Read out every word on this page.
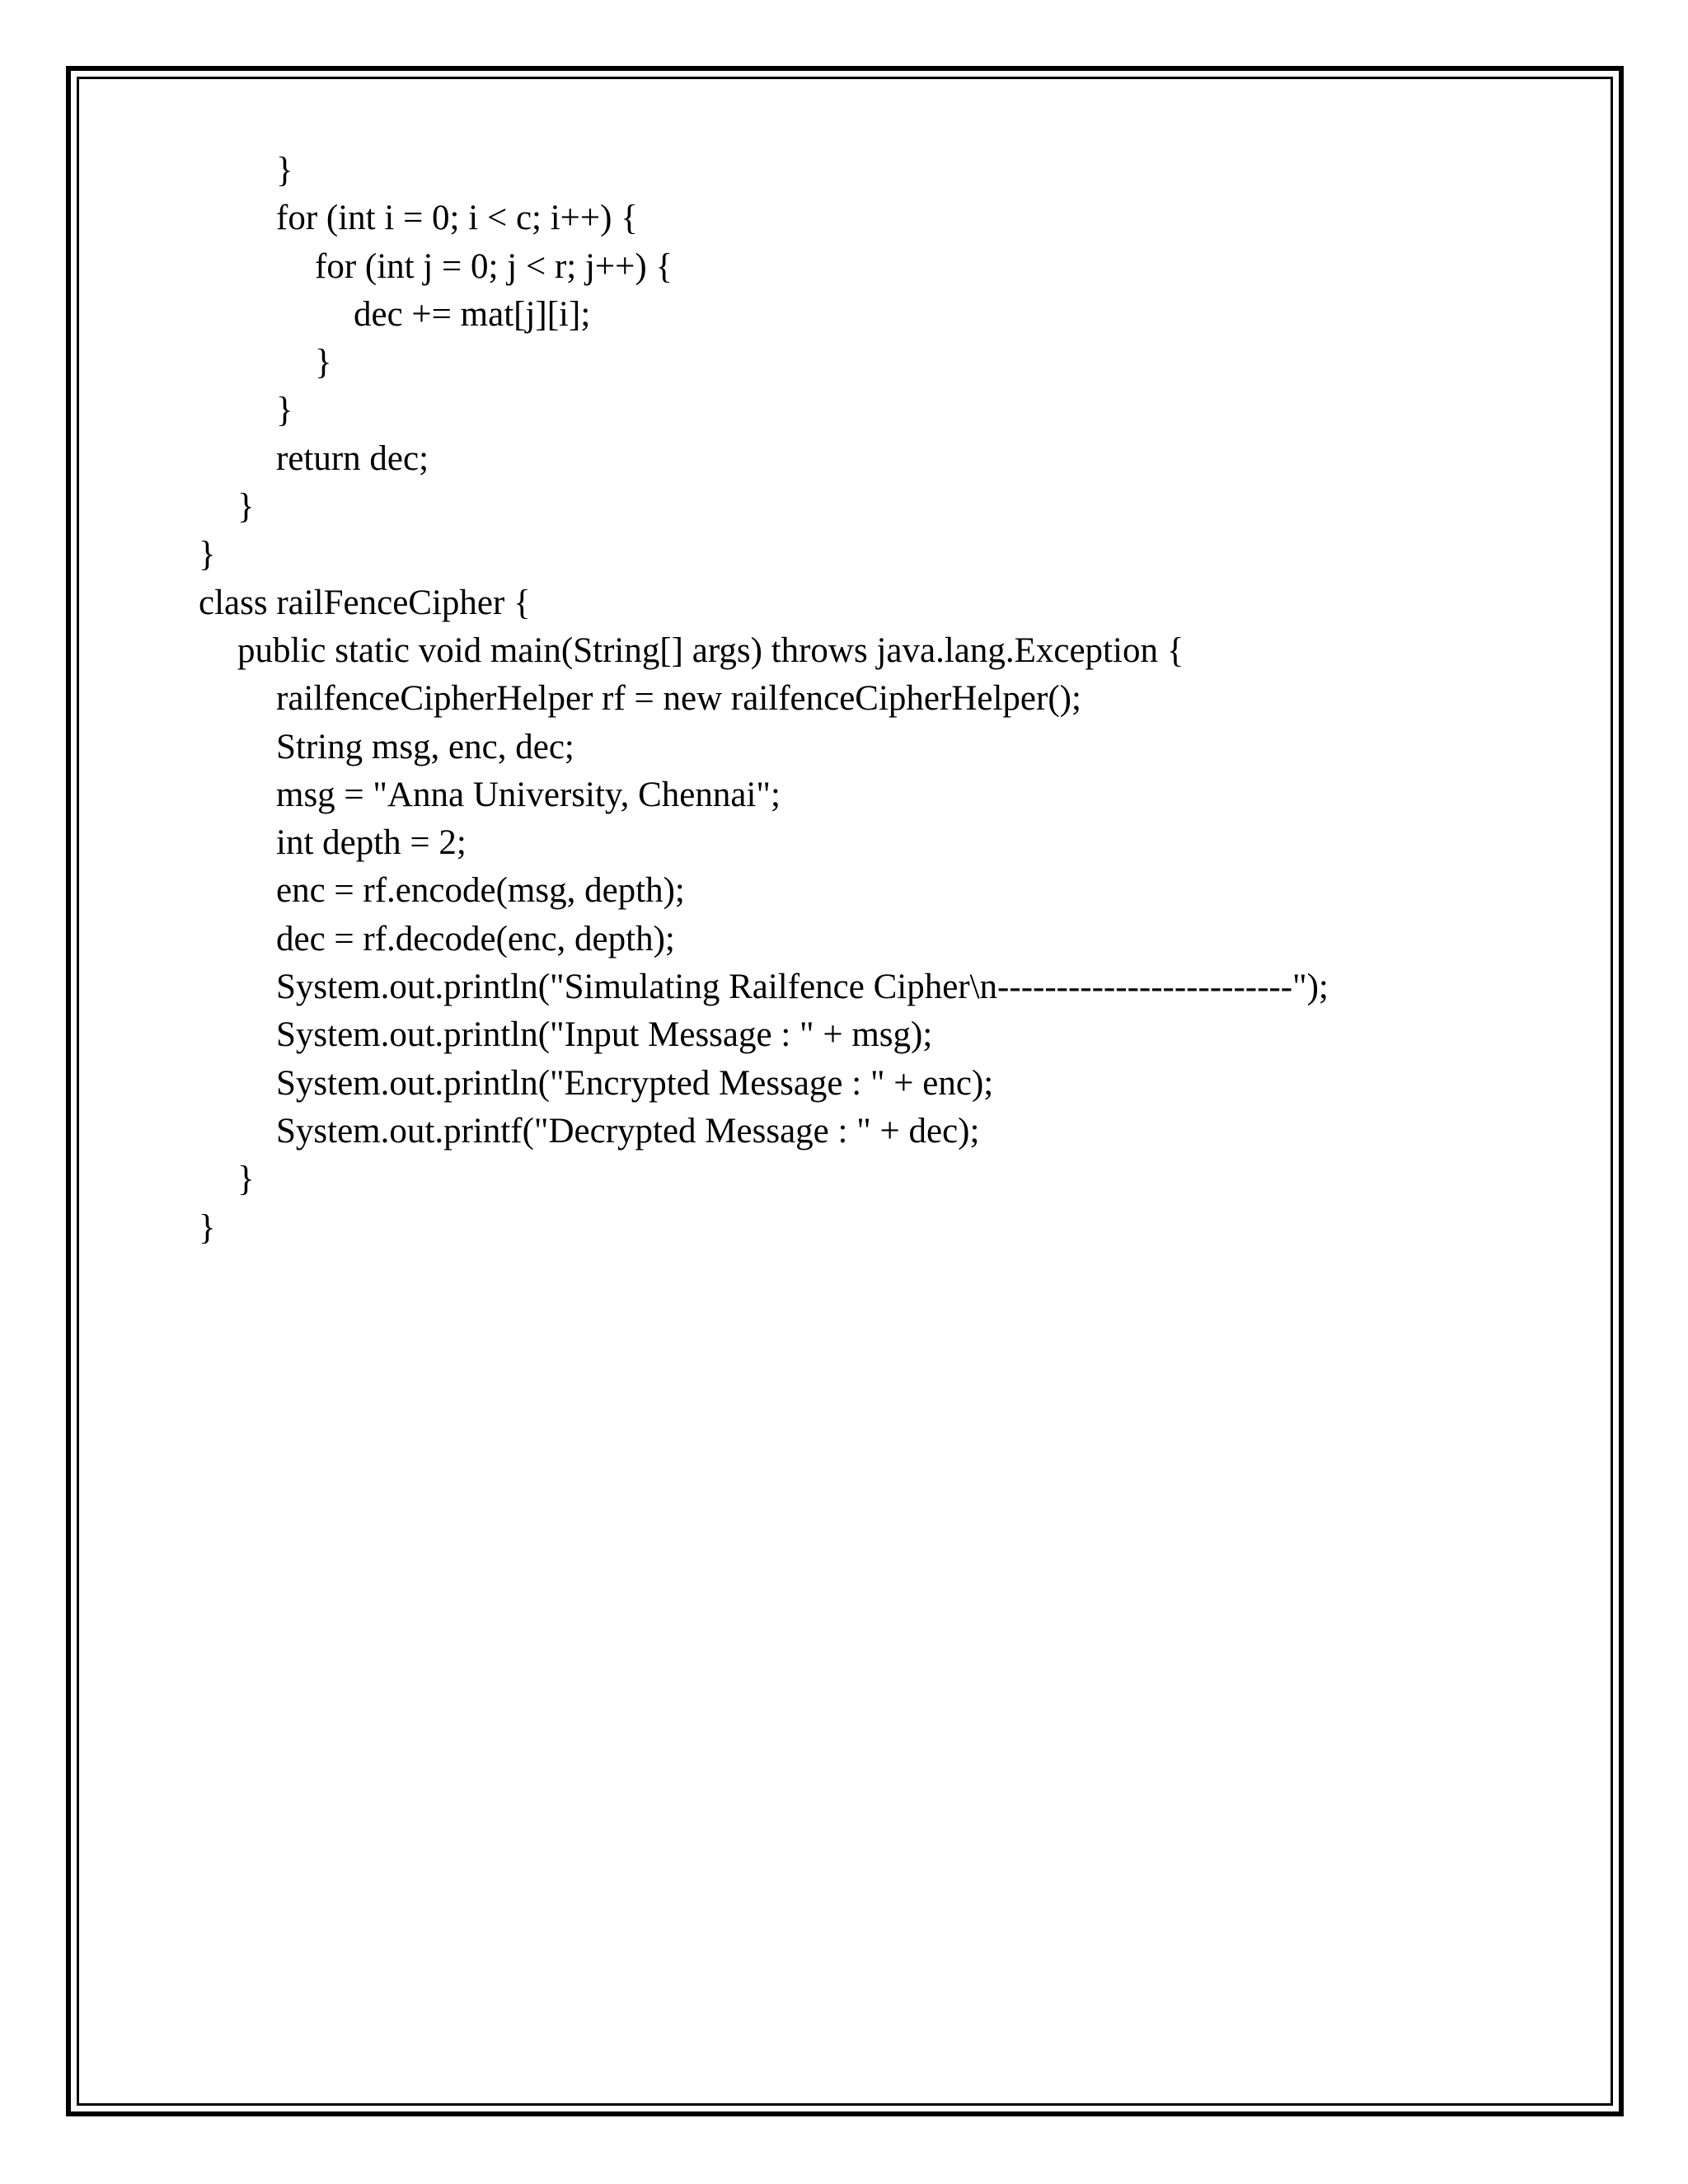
}
for (int i = 0; i < c; i++) {
for (int j = 0; j < r; j++) {
dec += mat[j][i];
}
}
return dec;
}
}
class railFenceCipher {
public static void main(String[] args) throws java.lang.Exception {
railfenceCipherHelper rf = new railfenceCipherHelper();
String msg, enc, dec;
msg = "Anna University, Chennai";
int depth = 2;
enc = rf.encode(msg, depth);
dec = rf.decode(enc, depth);
System.out.println("Simulating Railfence Cipher\n-------------------------");
System.out.println("Input Message : " + msg);
System.out.println("Encrypted Message : " + enc);
System.out.printf("Decrypted Message : " + dec);
}
}
